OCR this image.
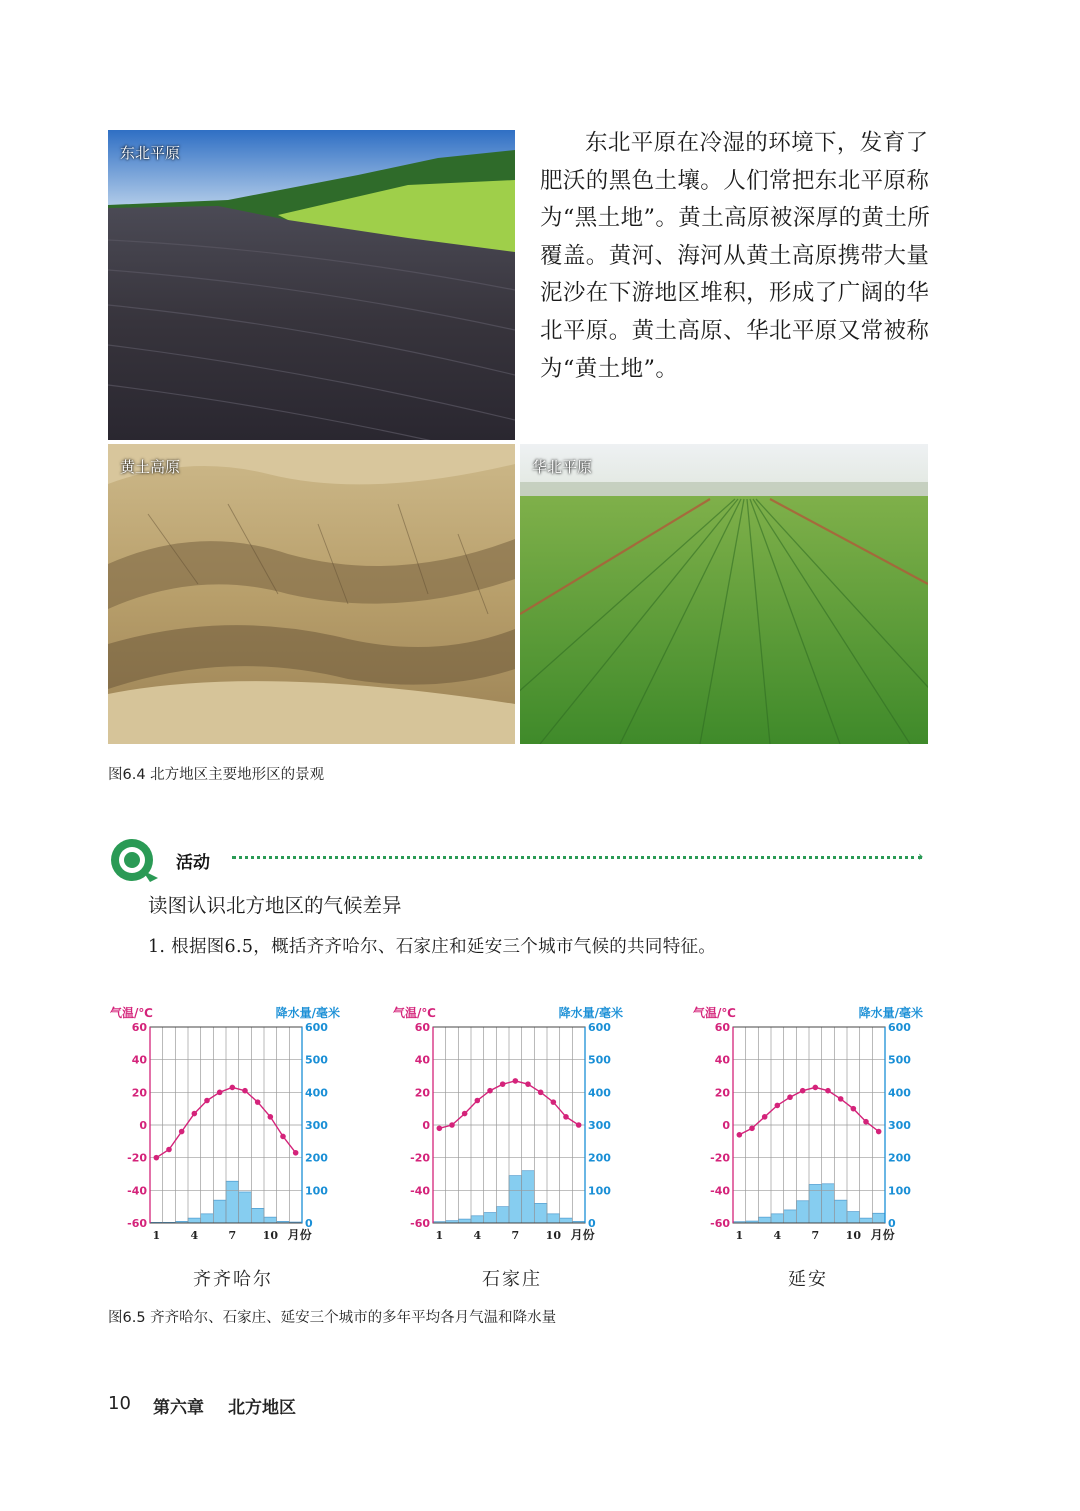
东北平原	东北平原在冷湿的环境下，发育了肥沃的黑色土壤。人们常把东北平原称为“黑土地”。黄土高原被深厚的黄土所覆盖。黄河、海河从黄土高原携带大量泥沙在下游地区堆积，形成了广阔的华北平原。黄土高原、华北平原又常被称为“黄土地”。

黄土高原	华北平原
图6.4 北方地区主要地形区的景观
活动	›
读图认识北方地区的气候差异
1. 根据图6.5，概括齐齐哈尔、石家庄和延安三个城市气候的共同特征。
气温/℃	降水量/毫米
60
40
20
0
-20
-40
-60
600
500
400
300
200
100
0
1	4	7 10 月份
气温/℃	降水量/毫米
60
40
20
0
-20
-40
-60
600
500
400
300
200
100
0
1	4	7 10 月份
气温/℃	降水量/毫米
60
40
20
0
-20
-40
-60
600
500
400
300
200
100
0
1	4	7 10 月份
齐齐哈尔	石家庄	延安
图6.5 齐齐哈尔、石家庄、延安三个城市的多年平均各月气温和降水量
10 第六章 北方地区
